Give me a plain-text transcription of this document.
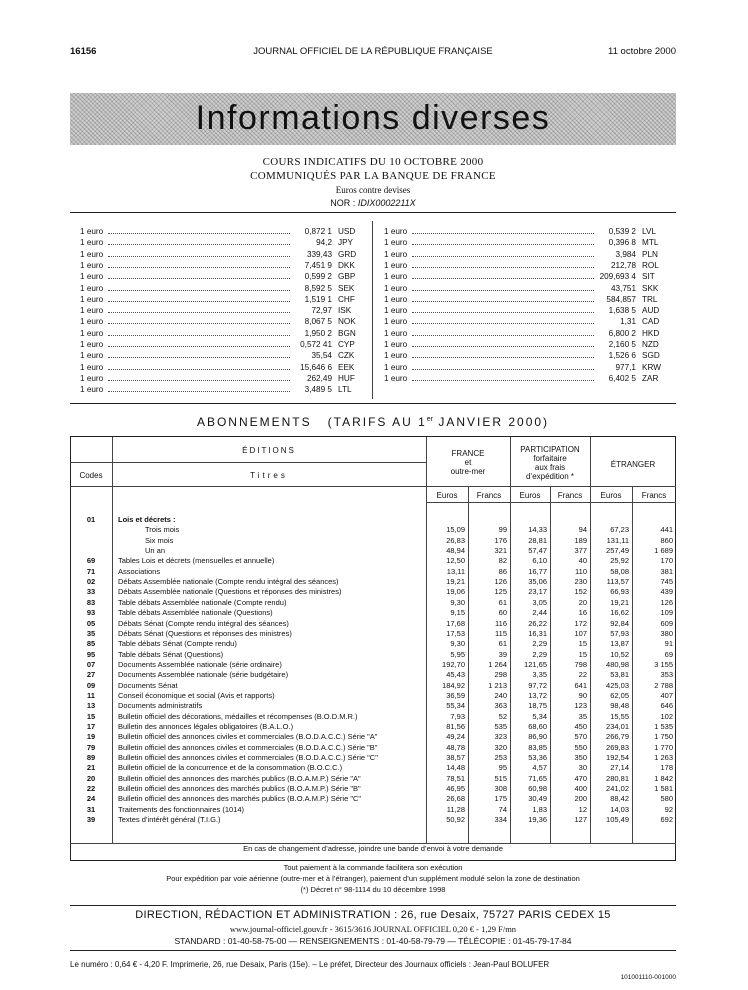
16156	JOURNAL OFFICIEL DE LA RÉPUBLIQUE FRANÇAISE	11 octobre 2000
Informations diverses
COURS INDICATIFS DU 10 OCTOBRE 2000
COMMUNIQUÉS PAR LA BANQUE DE FRANCE
Euros contre devises
NOR : IDIX0002211X
1 euro	0,872 1 USD
1 euro	94,2 JPY
1 euro	339,43 GRD
1 euro	7,451 9 DKK
1 euro	0,599 2 GBP
1 euro	8,592 5 SEK
1 euro	1,519 1 CHF
1 euro	72,97 ISK
1 euro	8,067 5 NOK
1 euro	1,950 2 BGN
1 euro	0,572 41 CYP
1 euro	35,54 CZK
1 euro	15,646 6 EEK
1 euro	262,49 HUF
1 euro	3,489 5 LTL
1 euro	0,539 2 LVL
1 euro	0,396 8 MTL
1 euro	3,984 PLN
1 euro	212,78 ROL
1 euro	209,693 4 SIT
1 euro	43,751 SKK
1 euro	584,857 TRL
1 euro	1,638 5 AUD
1 euro	1,31 CAD
1 euro	6,800 2 HKD
1 euro	2,160 5 NZD
1 euro	1,526 6 SGD
1 euro	977,1 KRW
1 euro	6,402 5 ZAR
ABONNEMENTS (TARIFS AU 1er JANVIER 2000)
ÉDITIONS
Codes	Titres
FRANCE
et
outre-mer
PARTICIPATION
forfaitaire
aux frais
d’expédition *
ÉTRANGER
Euros	Francs	Euros	Francs	Euros	Francs
01	Lois et décrets :
Trois mois	15,09	99	14,33	94	67,23	441
Six mois	26,83	176	28,81	189	131,11	860
Un an	48,94	321	57,47	377	257,49	1 689
69	Tables Lois et décrets (mensuelles et annuelle)	12,50	82	6,10	40	25,92	170
71	Associations	13,11	86	16,77	110	58,08	381
02	Débats Assemblée nationale (Compte rendu intégral des séances)	19,21	126	35,06	230	113,57	745
33	Débats Assemblée nationale (Questions et réponses des ministres)	19,06	125	23,17	152	66,93	439
83	Table débats Assemblée nationale (Compte rendu)	9,30	61	3,05	20	19,21	126
93	Table débats Assemblée nationale (Questions)	9,15	60	2,44	16	16,62	109
05	Débats Sénat (Compte rendu intégral des séances)	17,68	116	26,22	172	92,84	609
35	Débats Sénat (Questions et réponses des ministres)	17,53	115	16,31	107	57,93	380
85	Table débats Sénat (Compte rendu)	9,30	61	2,29	15	13,87	91
95	Table débats Sénat (Questions)	5,95	39	2,29	15	10,52	69
07	Documents Assemblée nationale (série ordinaire)	192,70	1 264	121,65	798	480,98	3 155
27	Documents Assemblée nationale (série budgétaire)	45,43	298	3,35	22	53,81	353
09	Documents Sénat	184,92	1 213	97,72	641	425,03	2 788
11	Conseil économique et social (Avis et rapports)	36,59	240	13,72	90	62,05	407
13	Documents administratifs	55,34	363	18,75	123	98,48	646
15	Bulletin officiel des décorations, médailles et récompenses (B.O.D.M.R.)	7,93	52	5,34	35	15,55	102
17	Bulletin des annonces légales obligatoires (B.A.L.O.)	81,56	535	68,60	450	234,01	1 535
19	Bulletin officiel des annonces civiles et commerciales (B.O.D.A.C.C.) Série "A"	49,24	323	86,90	570	266,79	1 750
79	Bulletin officiel des annonces civiles et commerciales (B.O.D.A.C.C.) Série "B"	48,78	320	83,85	550	269,83	1 770
89	Bulletin officiel des annonces civiles et commerciales (B.O.D.A.C.C.) Série "C"	38,57	253	53,36	350	192,54	1 263
21	Bulletin officiel de la concurrence et de la consommation (B.O.C.C.)	14,48	95	4,57	30	27,14	178
20	Bulletin officiel des annonces des marchés publics (B.O.A.M.P.) Série "A"	78,51	515	71,65	470	280,81	1 842
22	Bulletin officiel des annonces des marchés publics (B.O.A.M.P.) Série "B"	46,95	308	60,98	400	241,02	1 581
24	Bulletin officiel des annonces des marchés publics (B.O.A.M.P.) Série "C"	26,68	175	30,49	200	88,42	580
31	Traitements des fonctionnaires (1014)	11,28	74	1,83	12	14,03	92
39	Textes d’intérêt général (T.I.G.)	50,92	334	19,36	127	105,49	692
En cas de changement d’adresse, joindre une bande d’envoi à votre demande
Tout paiement à la commande facilitera son exécution
Pour expédition par voie aérienne (outre-mer et à l’étranger), paiement d’un supplément modulé selon la zone de destination
(*) Décret n° 98-1114 du 10 décembre 1998
DIRECTION, RÉDACTION ET ADMINISTRATION : 26, rue Desaix, 75727 PARIS CEDEX 15
www.journal-officiel.gouv.fr - 3615/3616 JOURNAL OFFICIEL 0,20 € - 1,29 F/mn
STANDARD : 01-40-58-75-00 — RENSEIGNEMENTS : 01-40-58-79-79 — TÉLÉCOPIE : 01-45-79-17-84
Le numéro : 0,64 € - 4,20 F. Imprimerie, 26, rue Desaix, Paris (15e). – Le préfet, Directeur des Journaux officiels : Jean-Paul BOLUFER
101001110-001000
